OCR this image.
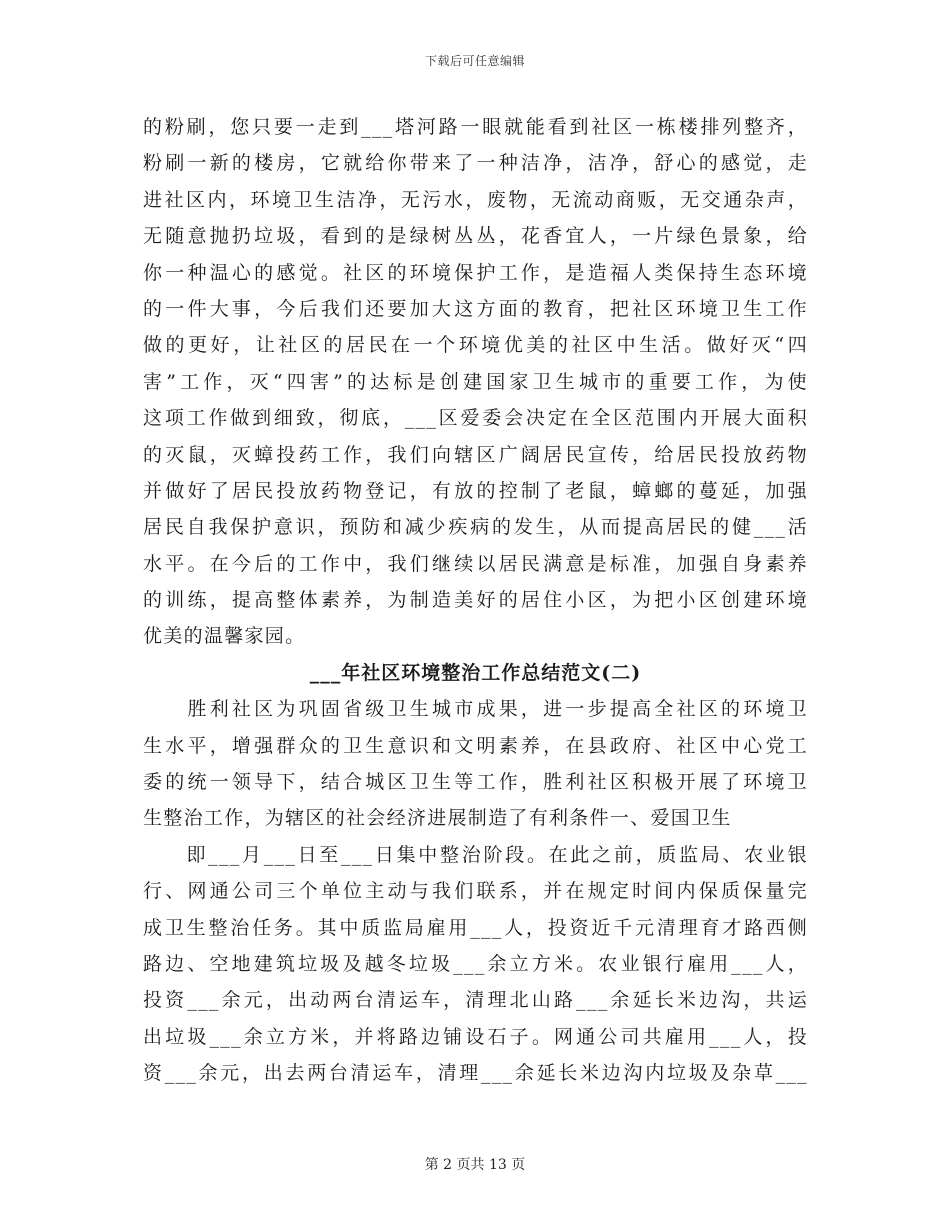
下载后可任意编辑
的粉刷，您只要一走到___塔河路一眼就能看到社区一栋楼排列整齐，
粉刷一新的楼房，它就给你带来了一种洁净，洁净，舒心的感觉，走
进社区内，环境卫生洁净，无污水，废物，无流动商贩，无交通杂声，
无随意抛扔垃圾，看到的是绿树丛丛，花香宜人，一片绿色景象，给
你一种温心的感觉。社区的环境保护工作，是造福人类保持生态环境
的一件大事，今后我们还要加大这方面的教育，把社区环境卫生工作
做的更好，让社区的居民在一个环境优美的社区中生活。做好灭“四
害”工作，灭“四害”的达标是创建国家卫生城市的重要工作，为使
这项工作做到细致，彻底，___区爱委会决定在全区范围内开展大面积
的灭鼠，灭蟑投药工作，我们向辖区广阔居民宣传，给居民投放药物
并做好了居民投放药物登记，有放的控制了老鼠，蟑螂的蔓延，加强
居民自我保护意识，预防和减少疾病的发生，从而提高居民的健___活
水平。在今后的工作中，我们继续以居民满意是标准，加强自身素养
的训练，提高整体素养，为制造美好的居住小区，为把小区创建环境
优美的温馨家园。
___年社区环境整治工作总结范文(二)
　　胜利社区为巩固省级卫生城市成果，进一步提高全社区的环境卫
生水平，增强群众的卫生意识和文明素养，在县政府、社区中心党工
委的统一领导下，结合城区卫生等工作，胜利社区积极开展了环境卫
生整治工作，为辖区的社会经济进展制造了有利条件一、爱国卫生
　　即___月___日至___日集中整治阶段。在此之前，质监局、农业银
行、网通公司三个单位主动与我们联系，并在规定时间内保质保量完
成卫生整治任务。其中质监局雇用___人，投资近千元清理育才路西侧
路边、空地建筑垃圾及越冬垃圾___余立方米。农业银行雇用___人，
投资___余元，出动两台清运车，清理北山路___余延长米边沟，共运
出垃圾___余立方米，并将路边铺设石子。网通公司共雇用___人，投
资___余元，出去两台清运车，清理___余延长米边沟内垃圾及杂草___
第 2 页共 13 页
